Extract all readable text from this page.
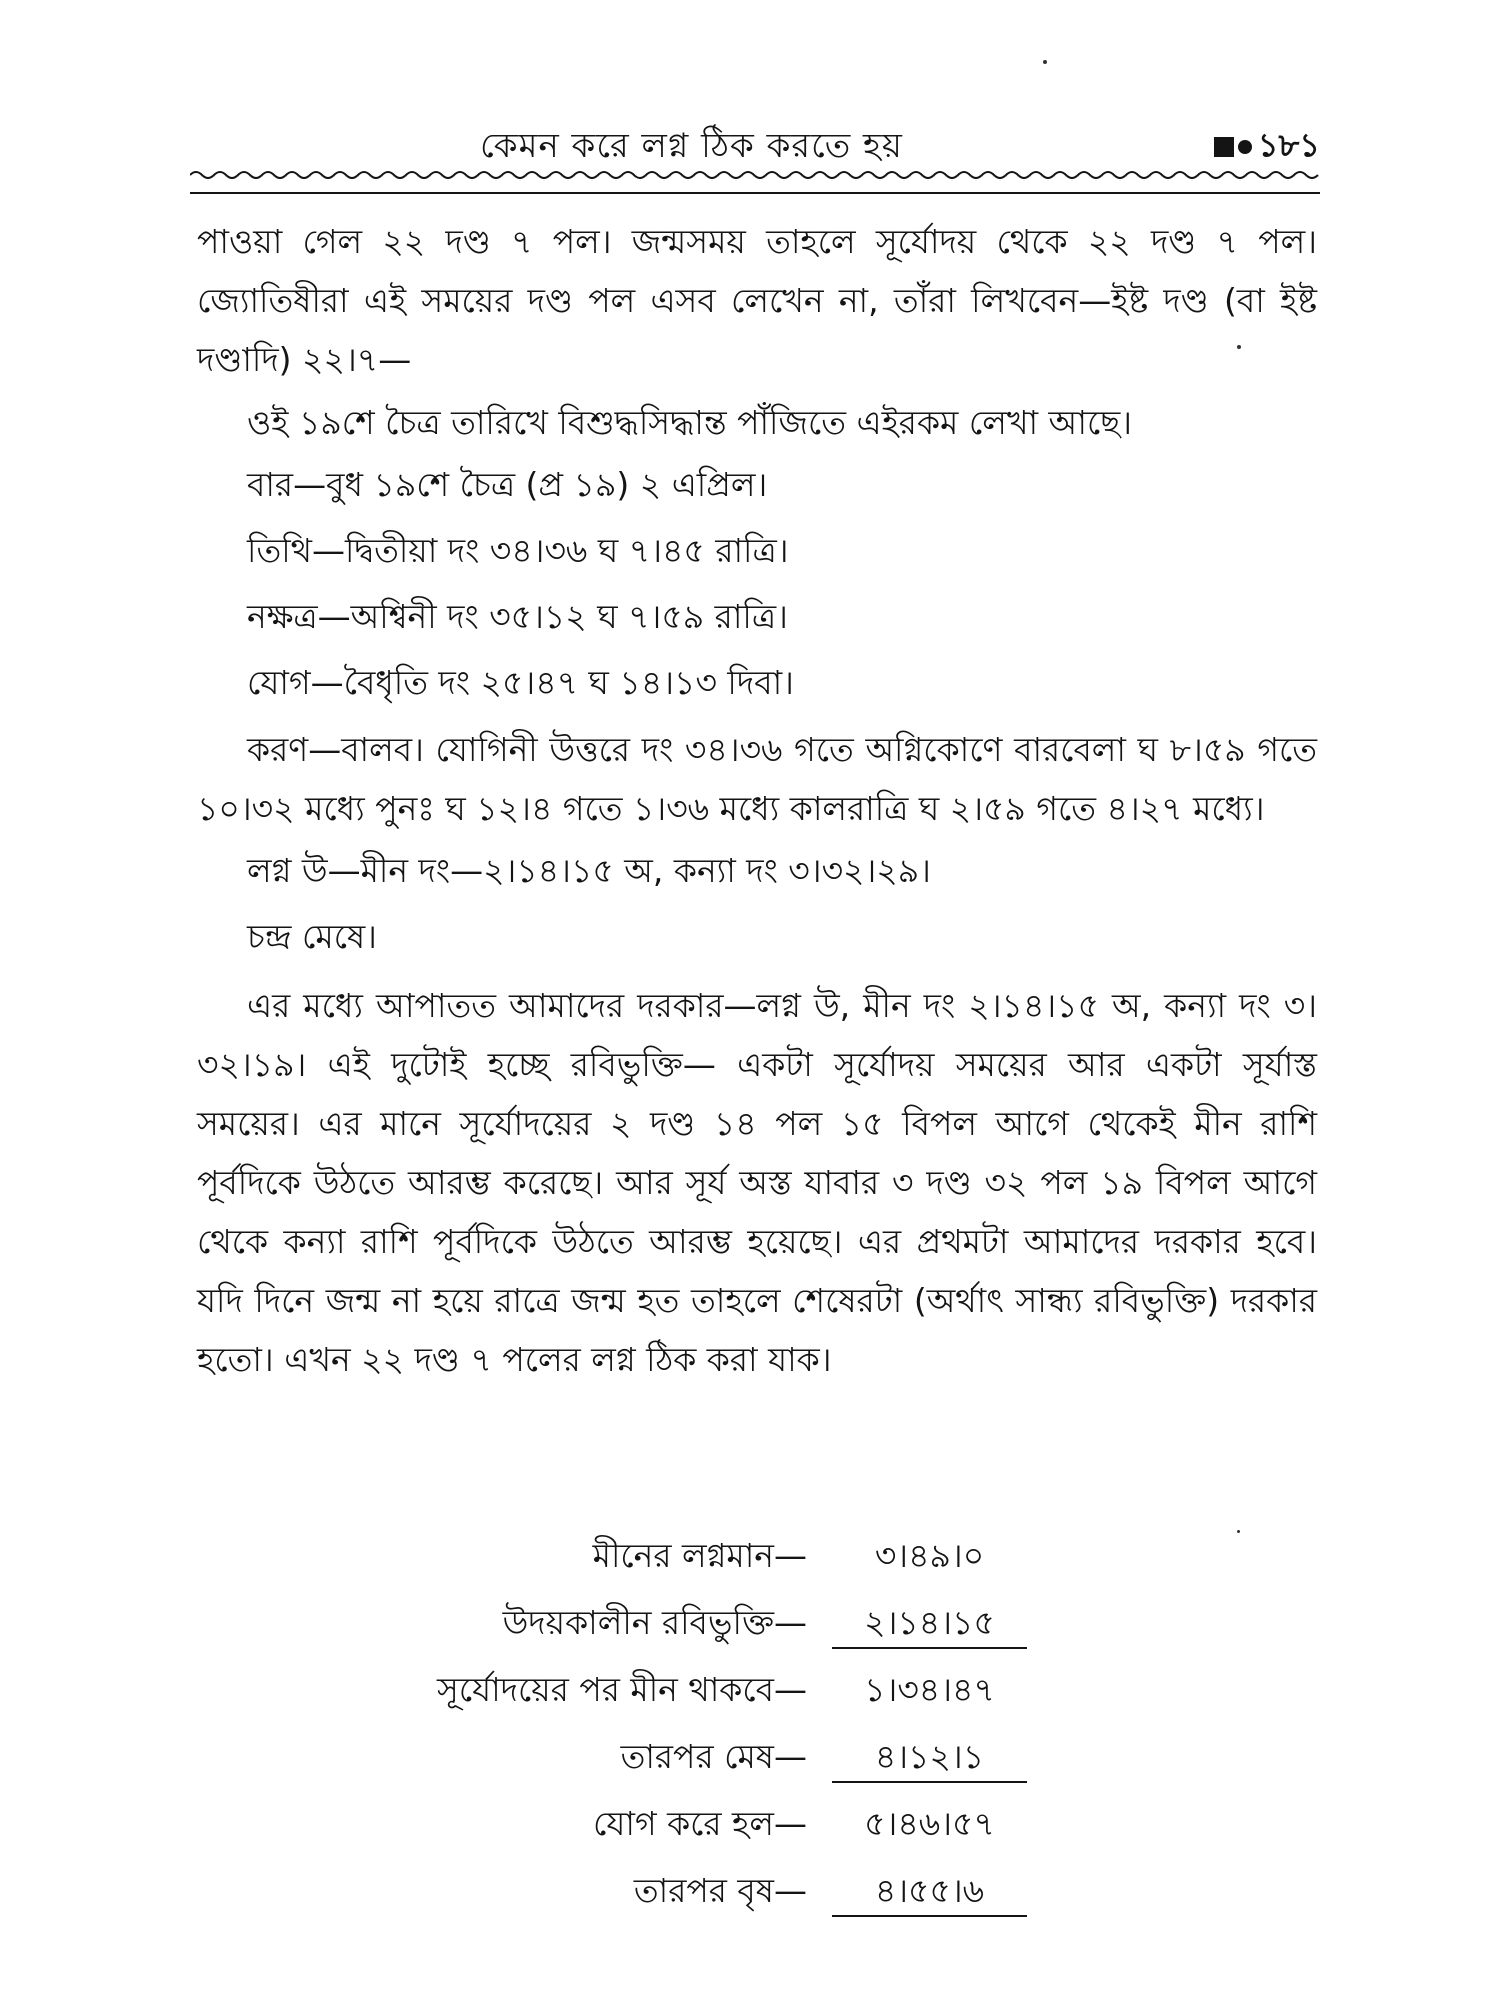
কেমন করে লগ্ন ঠিক করতে হয়	১৮১

পাওয়া গেল ২২ দণ্ড ৭ পল। জন্মসময় তাহলে সূর্যোদয় থেকে ২২ দণ্ড ৭ পল। জ্যোতিষীরা এই সময়ের দণ্ড পল এসব লেখেন না, তাঁরা লিখবেন—ইষ্ট দণ্ড (বা ইষ্ট দণ্ডাদি) ২২।৭—

ওই ১৯শে চৈত্র তারিখে বিশুদ্ধসিদ্ধান্ত পাঁজিতে এইরকম লেখা আছে।

বার—বুধ ১৯শে চৈত্র (প্র ১৯) ২ এপ্রিল।

তিথি—দ্বিতীয়া দং ৩৪।৩৬ ঘ ৭।৪৫ রাত্রি।

নক্ষত্র—অশ্বিনী দং ৩৫।১২ ঘ ৭।৫৯ রাত্রি।

যোগ—বৈধৃতি দং ২৫।৪৭ ঘ ১৪।১৩ দিবা।

করণ—বালব। যোগিনী উত্তরে দং ৩৪।৩৬ গতে অগ্নিকোণে বারবেলা ঘ ৮।৫৯ গতে ১০।৩২ মধ্যে পুনঃ ঘ ১২।৪ গতে ১।৩৬ মধ্যে কালরাত্রি ঘ ২।৫৯ গতে ৪।২৭ মধ্যে।

লগ্ন উ—মীন দং—২।১৪।১৫ অ, কন্যা দং ৩।৩২।২৯।

চন্দ্র মেষে।

এর মধ্যে আপাতত আমাদের দরকার—লগ্ন উ, মীন দং ২।১৪।১৫ অ, কন্যা দং ৩।৩২।১৯। এই দুটোই হচ্ছে রবিভুক্তি— একটা সূর্যোদয় সময়ের আর একটা সূর্যাস্ত সময়ের। এর মানে সূর্যোদয়ের ২ দণ্ড ১৪ পল ১৫ বিপল আগে থেকেই মীন রাশি পূর্বদিকে উঠতে আরম্ভ করেছে। আর সূর্য অস্ত যাবার ৩ দণ্ড ৩২ পল ১৯ বিপল আগে থেকে কন্যা রাশি পূর্বদিকে উঠতে আরম্ভ হয়েছে। এর প্রথমটা আমাদের দরকার হবে। যদি দিনে জন্ম না হয়ে রাত্রে জন্ম হত তাহলে শেষেরটা (অর্থাৎ সান্ধ্য রবিভুক্তি) দরকার হতো। এখন ২২ দণ্ড ৭ পলের লগ্ন ঠিক করা যাক।

মীনের লগ্নমান—	৩।৪৯।০
উদয়কালীন রবিভুক্তি—	২।১৪।১৫
সূর্যোদয়ের পর মীন থাকবে—	১।৩৪।৪৭
তারপর মেষ—	৪।১২।১
যোগ করে হল—	৫।৪৬।৫৭
তারপর বৃষ—	৪।৫৫।৬
